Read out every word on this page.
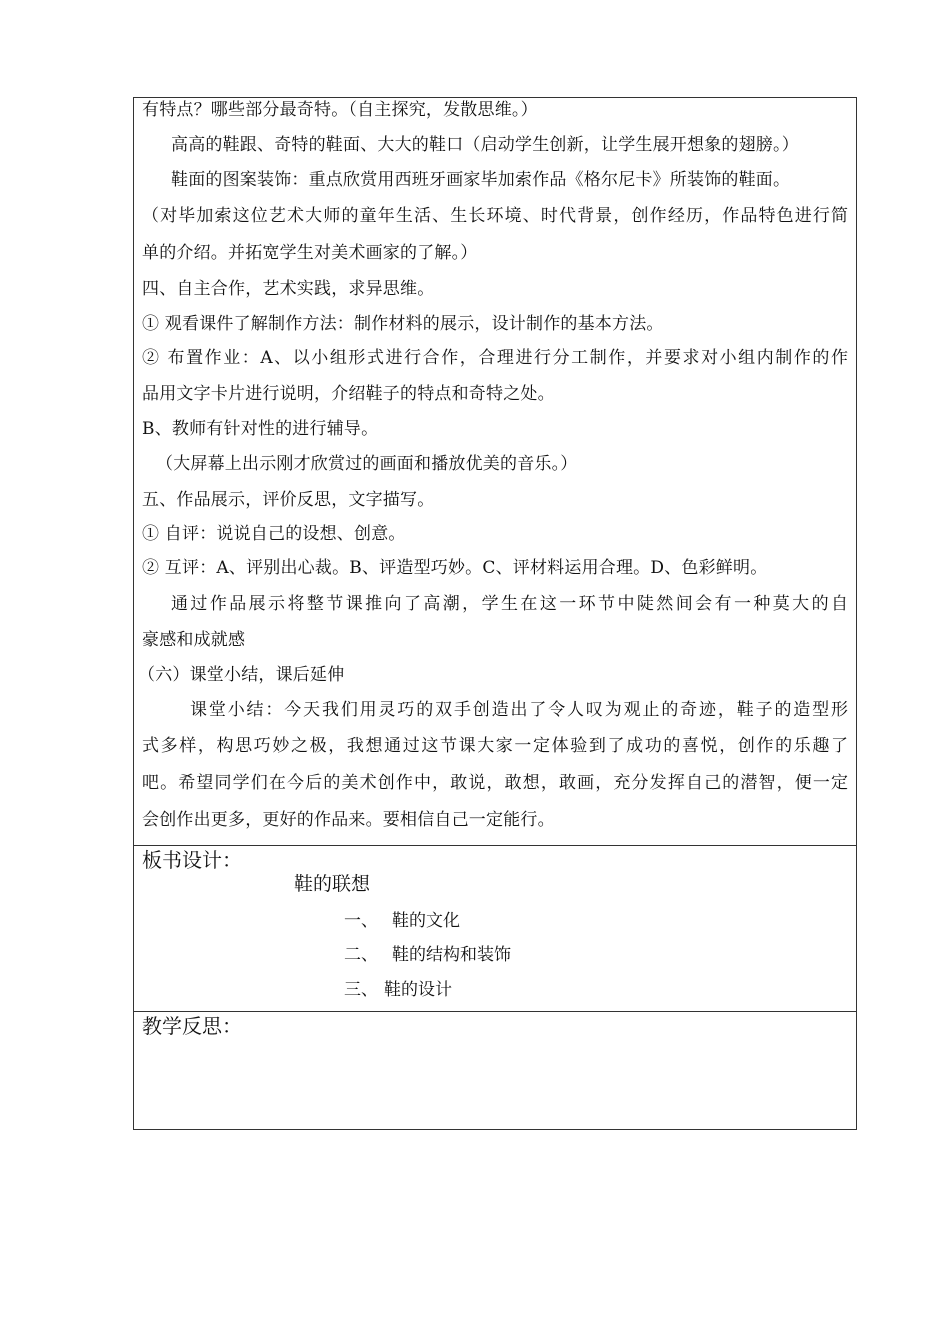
有特点？哪些部分最奇特。（自主探究，发散思维。）
高高的鞋跟、奇特的鞋面、大大的鞋口（启动学生创新，让学生展开想象的翅膀。）
鞋面的图案装饰：重点欣赏用西班牙画家毕加索作品《格尔尼卡》所装饰的鞋面。
（对毕加索这位艺术大师的童年生活、生长环境、时代背景，创作经历，作品特色进行简
单的介绍。并拓宽学生对美术画家的了解。）
四、自主合作，艺术实践，求异思维。
① 观看课件了解制作方法：制作材料的展示，设计制作的基本方法。
② 布置作业：A、以小组形式进行合作，合理进行分工制作，并要求对小组内制作的作
品用文字卡片进行说明，介绍鞋子的特点和奇特之处。
B、教师有针对性的进行辅导。
（大屏幕上出示刚才欣赏过的画面和播放优美的音乐。）
五、作品展示，评价反思，文字描写。
① 自评：说说自己的设想、创意。
② 互评：A、评别出心裁。B、评造型巧妙。C、评材料运用合理。D、色彩鲜明。
通过作品展示将整节课推向了高潮，学生在这一环节中陡然间会有一种莫大的自
豪感和成就感
（六）课堂小结，课后延伸
课堂小结：今天我们用灵巧的双手创造出了令人叹为观止的奇迹，鞋子的造型形
式多样，构思巧妙之极，我想通过这节课大家一定体验到了成功的喜悦，创作的乐趣了
吧。希望同学们在今后的美术创作中，敢说，敢想，敢画，充分发挥自己的潜智，便一定
会创作出更多，更好的作品来。要相信自己一定能行。
板书设计：
鞋的联想
一、 鞋的文化
二、 鞋的结构和装饰
三、 鞋的设计
教学反思：
